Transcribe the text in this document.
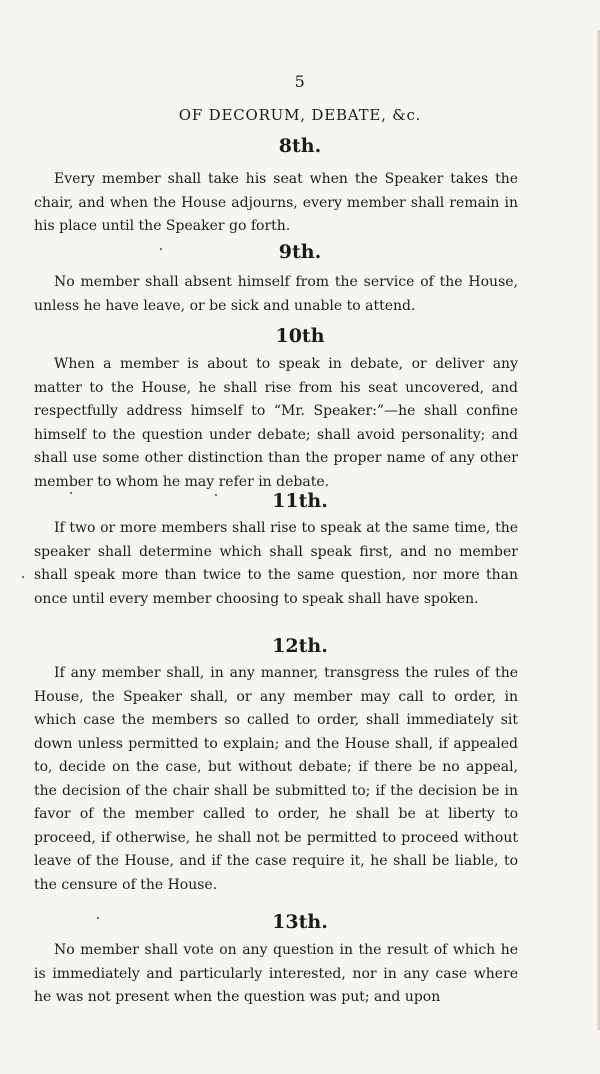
5
OF DECORUM, DEBATE, &c.
8th.
Every member shall take his seat when the Speaker takes the chair, and when the House adjourns, every member shall remain in his place until the Speaker go forth.
9th.
No member shall absent himself from the service of the House, unless he have leave, or be sick and unable to attend.
10th
When a member is about to speak in debate, or deliver any matter to the House, he shall rise from his seat uncovered, and respectfully address himself to “Mr. Speaker:”—he shall confine himself to the question under debate; shall avoid personality; and shall use some other distinction than the proper name of any other member to whom he may refer in debate.
11th.
If two or more members shall rise to speak at the same time, the speaker shall determine which shall speak first, and no member shall speak more than twice to the same question, nor more than once until every member choosing to speak shall have spoken.
12th.
If any member shall, in any manner, transgress the rules of the House, the Speaker shall, or any member may call to order, in which case the members so called to order, shall immediately sit down unless permitted to explain; and the House shall, if appealed to, decide on the case, but without debate; if there be no appeal, the decision of the chair shall be submitted to; if the decision be in favor of the member called to order, he shall be at liberty to proceed, if otherwise, he shall not be permitted to proceed without leave of the House, and if the case require it, he shall be liable, to the censure of the House.
13th.
No member shall vote on any question in the result of which he is immediately and particularly interested, nor in any case where he was not present when the question was put; and upon
